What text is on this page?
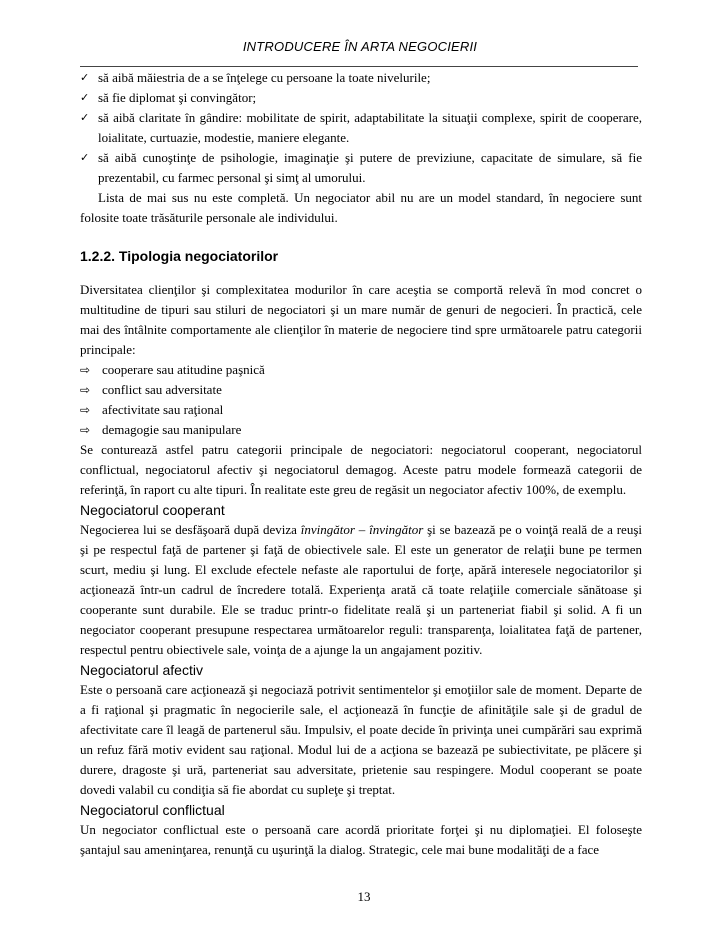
INTRODUCERE ÎN ARTA NEGOCIERII
✓ să aibă măiestria de a se înţelege cu persoane la toate nivelurile;
✓ să fie diplomat şi convingător;
✓ să aibă claritate în gândire: mobilitate de spirit, adaptabilitate la situaţii complexe, spirit de cooperare, loialitate, curtuazie, modestie, maniere elegante.
✓ să aibă cunoştinţe de psihologie, imaginaţie şi putere de previziune, capacitate de simulare, să fie prezentabil, cu farmec personal şi simţ al umorului.

Lista de mai sus nu este completă. Un negociator abil nu are un model standard, în negociere sunt folosite toate trăsăturile personale ale individului.

1.2.2. Tipologia negociatorilor

Diversitatea clienţilor şi complexitatea modurilor în care aceştia se comportă relevă în mod concret o multitudine de tipuri sau stiluri de negociatori şi un mare număr de genuri de negocieri. În practică, cele mai des întâlnite comportamente ale clienţilor în materie de negociere tind spre următoarele patru categorii principale:

⇨ cooperare sau atitudine paşnică
⇨ conflict sau adversitate
⇨ afectivitate sau raţional
⇨ demagogie sau manipulare

Se conturează astfel patru categorii principale de negociatori: negociatorul cooperant, negociatorul conflictual, negociatorul afectiv şi negociatorul demagog. Aceste patru modele formează categorii de referinţă, în raport cu alte tipuri. În realitate este greu de regăsit un negociator afectiv 100%, de exemplu.

Negociatorul cooperant

Negocierea lui se desfăşoară după deviza învingător – învingător şi se bazează pe o voinţă reală de a reuşi şi pe respectul faţă de partener şi faţă de obiectivele sale. El este un generator de relaţii bune pe termen scurt, mediu şi lung. El exclude efectele nefaste ale raportului de forţe, apără interesele negociatorilor şi acţionează într-un cadrul de încredere totală. Experienţa arată că toate relaţiile comerciale sănătoase şi cooperante sunt durabile. Ele se traduc printr-o fidelitate reală şi un parteneriat fiabil şi solid. A fi un negociator cooperant presupune respectarea următoarelor reguli: transparenţa, loialitatea faţă de partener, respectul pentru obiectivele sale, voinţa de a ajunge la un angajament pozitiv.

Negociatorul afectiv

Este o persoană care acţionează şi negociază potrivit sentimentelor şi emoţiilor sale de moment. Departe de a fi raţional şi pragmatic în negocierile sale, el acţionează în funcţie de afinităţile sale şi de gradul de afectivitate care îl leagă de partenerul său. Impulsiv, el poate decide în privinţa unei cumpărări sau exprimă un refuz fără motiv evident sau raţional. Modul lui de a acţiona se bazează pe subiectivitate, pe plăcere şi durere, dragoste şi ură, parteneriat sau adversitate, prietenie sau respingere. Modul cooperant se poate dovedi valabil cu condiţia să fie abordat cu supleţe şi treptat.

Negociatorul conflictual

Un negociator conflictual este o persoană care acordă prioritate forţei şi nu diplomaţiei. El foloseşte şantajul sau ameninţarea, renunţă cu uşurinţă la dialog. Strategic, cele mai bune modalităţi de a face

13
